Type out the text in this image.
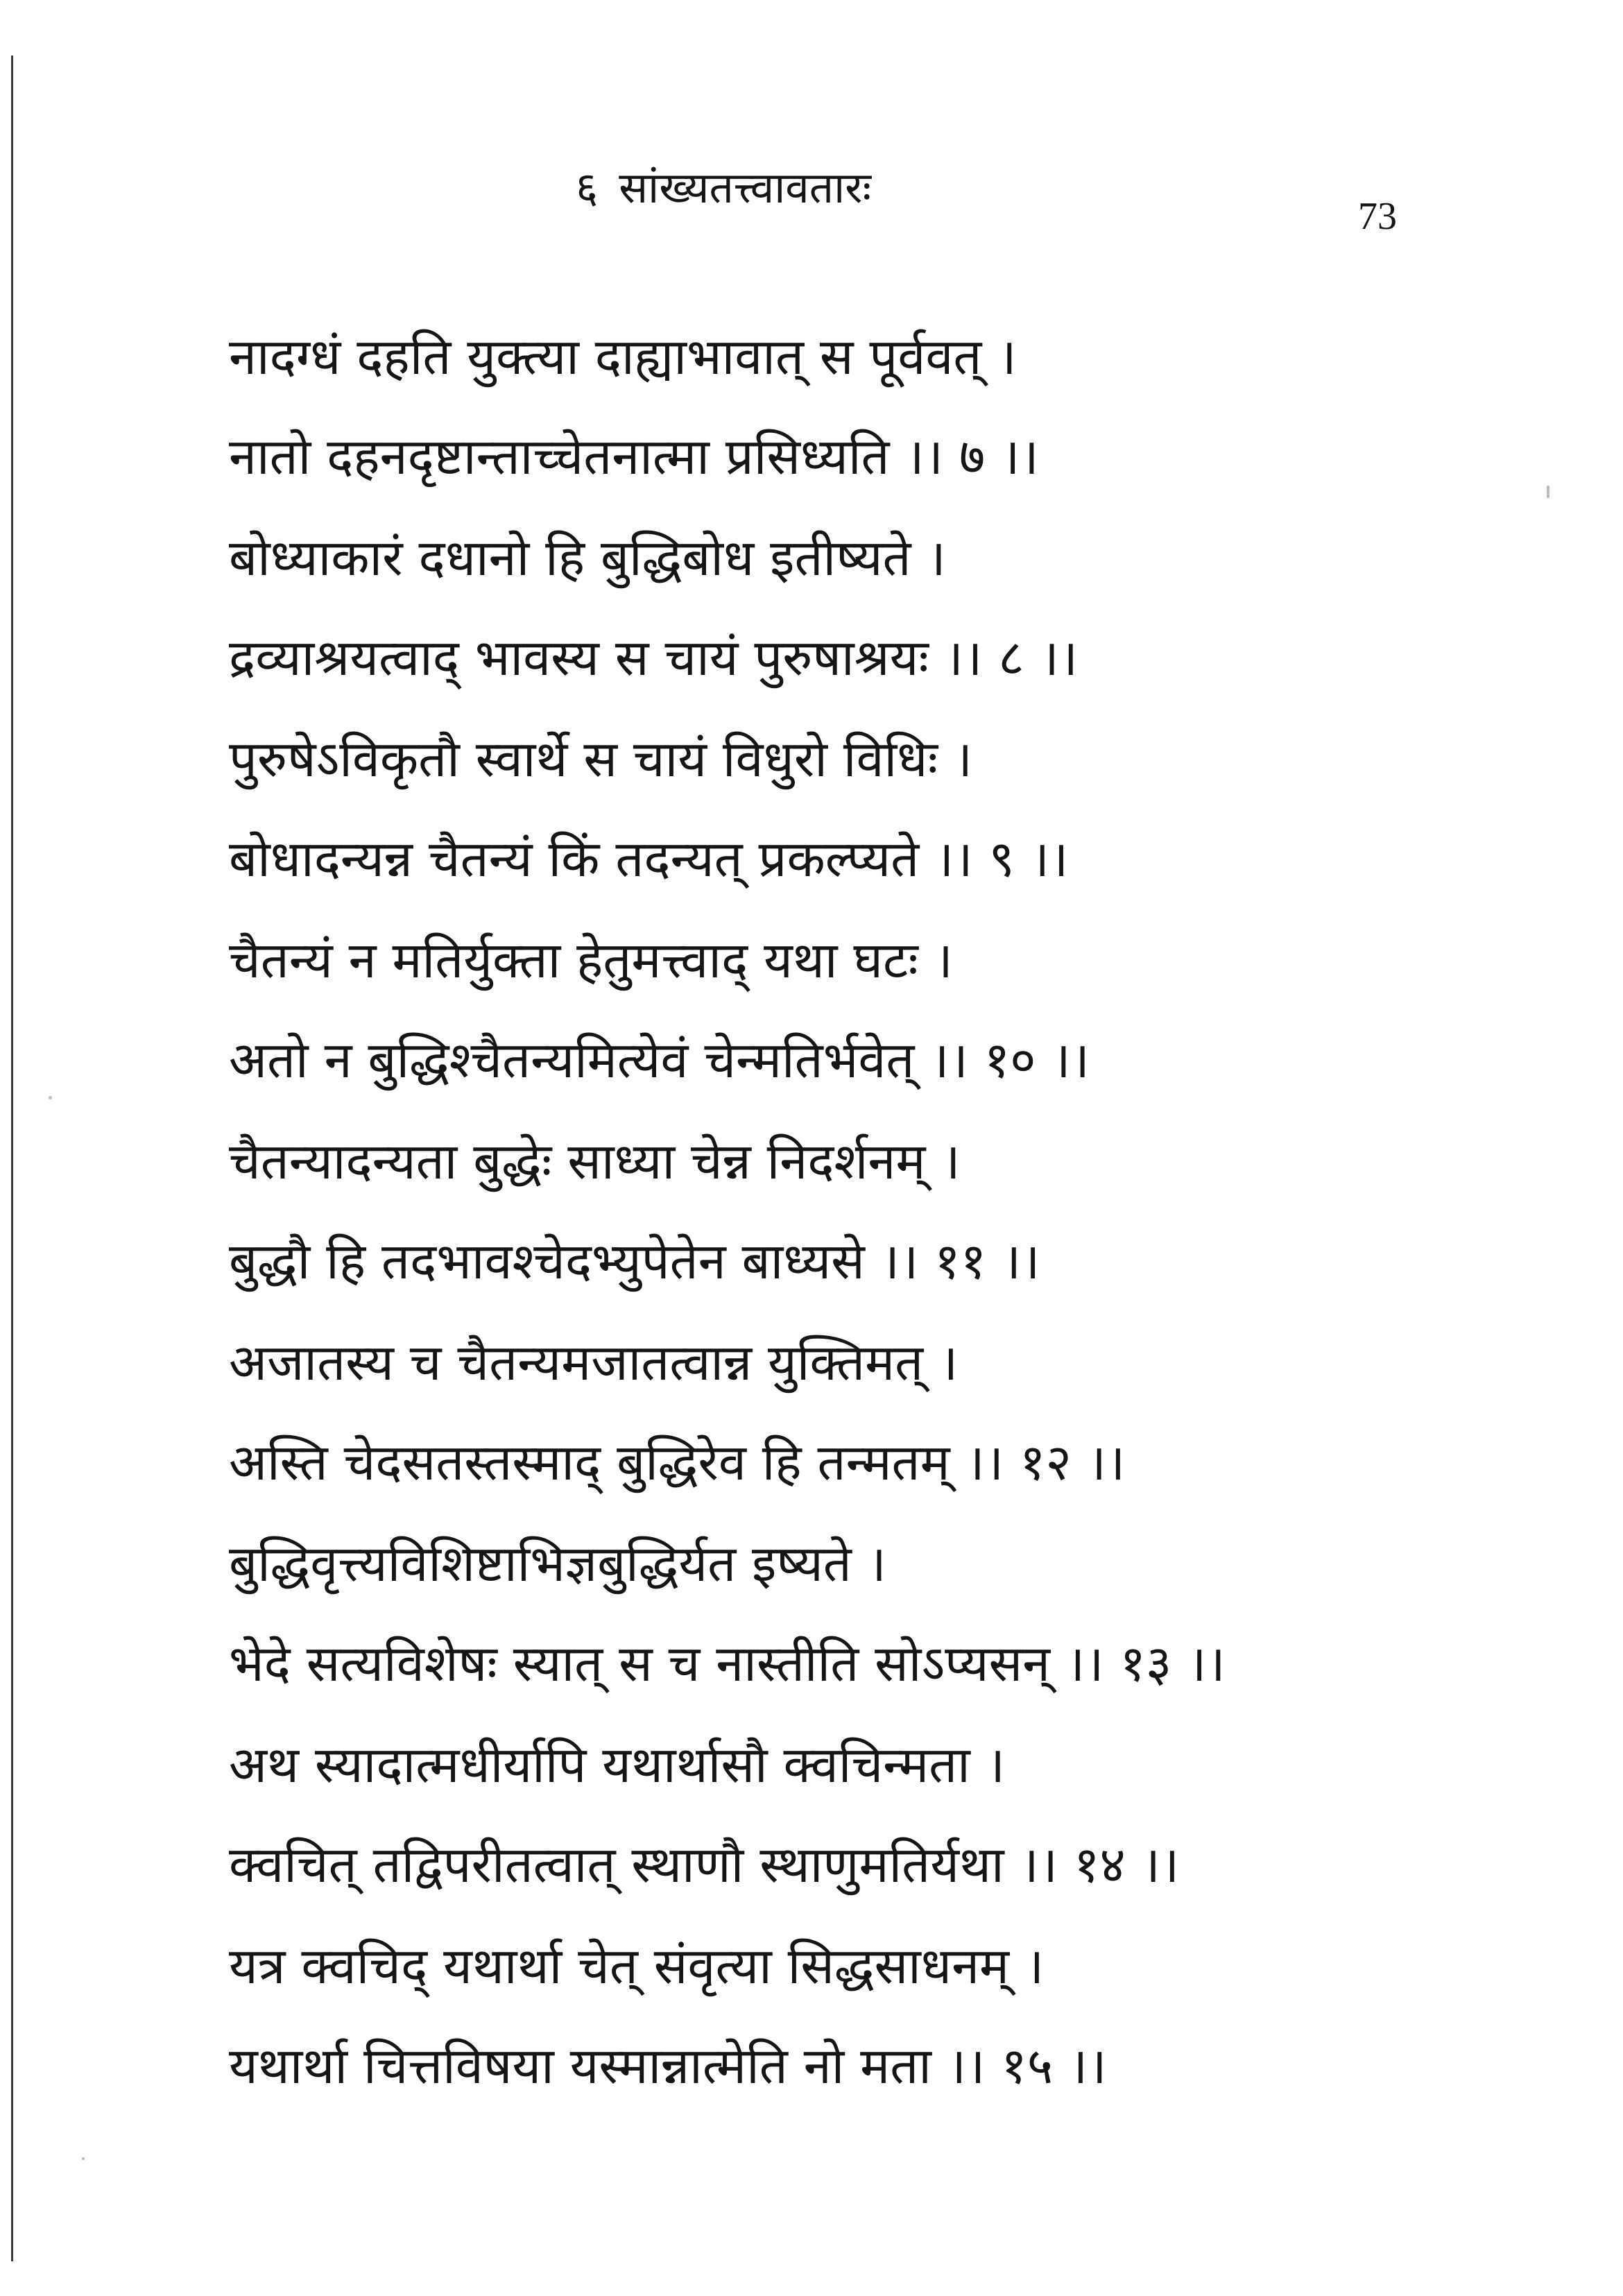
६ सांख्यतत्त्वावतारः
73
नादग्धं दहति युक्त्या दाह्याभावात् स पूर्ववत् ।
नातो दहनदृष्टान्ताच्चेतनात्मा प्रसिध्यति ।। ७ ।।
बोध्याकारं दधानो हि बुद्धिबोध इतीष्यते ।
द्रव्याश्रयत्वाद् भावस्य स चायं पुरुषाश्रयः ।। ८ ।।
पुरुषेऽविकृतौ स्वार्थे स चायं विधुरो विधिः ।
बोधादन्यन्न चैतन्यं किं तदन्यत् प्रकल्प्यते ।। ९ ।।
चैतन्यं न मतिर्युक्ता हेतुमत्त्वाद् यथा घटः ।
अतो न बुद्धिश्चैतन्यमित्येवं चेन्मतिर्भवेत् ।। १० ।।
चैतन्यादन्यता बुद्धेः साध्या चेन्न निदर्शनम् ।
बुद्धौ हि तदभावश्चेदभ्युपेतेन बाध्यसे ।। ११ ।।
अजातस्य च चैतन्यमजातत्वान्न युक्तिमत् ।
अस्ति चेदसतस्तस्माद् बुद्धिरेव हि तन्मतम् ।। १२ ।।
बुद्धिवृत्त्यविशिष्टाभिज्ञबुद्धिर्यत इष्यते ।
भेदे सत्यविशेषः स्यात् स च नास्तीति सोऽप्यसन् ।। १३ ।।
अथ स्यादात्मधीर्यापि यथार्थासौ क्वचिन्मता ।
क्वचित् तद्विपरीतत्वात् स्थाणौ स्थाणुमतिर्यथा ।। १४ ।।
यत्र क्वचिद् यथार्था चेत् संवृत्या सिद्धसाधनम् ।
यथार्था चित्तविषया यस्मान्नात्मेति नो मता ।। १५ ।।
